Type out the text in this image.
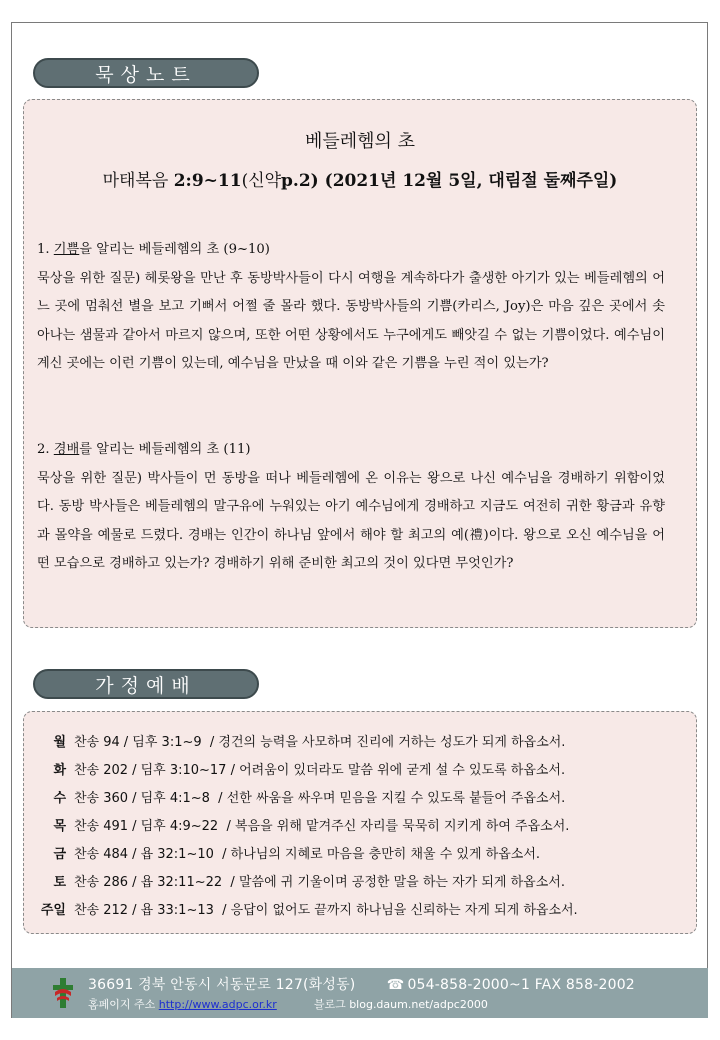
묵상노트
베들레헴의 초
마태복음 2:9~11(신약p.2) (2021년 12월 5일, 대림절 둘째주일)
1. 기쁨을 알리는 베들레헴의 초 (9~10)
묵상을 위한 질문) 헤롯왕을 만난 후 동방박사들이 다시 여행을 계속하다가 출생한 아기가 있는 베들레헴의 어느 곳에 멈춰선 별을 보고 기뻐서 어쩔 줄 몰라 했다. 동방박사들의 기쁨(카리스, Joy)은 마음 깊은 곳에서 솟아나는 샘물과 같아서 마르지 않으며, 또한 어떤 상황에서도 누구에게도 빼앗길 수 없는 기쁨이었다. 예수님이 계신 곳에는 이런 기쁨이 있는데, 예수님을 만났을 때 이와 같은 기쁨을 누린 적이 있는가?
2. 경배를 알리는 베들레헴의 초 (11)
묵상을 위한 질문) 박사들이 먼 동방을 떠나 베들레헴에 온 이유는 왕으로 나신 예수님을 경배하기 위함이었다. 동방 박사들은 베들레헴의 말구유에 누워있는 아기 예수님에게 경배하고 지금도 여전히 귀한 황금과 유향과 몰약을 예물로 드렸다. 경배는 인간이 하나님 앞에서 해야 할 최고의 예(禮)이다. 왕으로 오신 예수님을 어떤 모습으로 경배하고 있는가? 경배하기 위해 준비한 최고의 것이 있다면 무엇인가?
가정예배
월 찬송 94 / 딤후 3:1~9 / 경건의 능력을 사모하며 진리에 거하는 성도가 되게 하옵소서.
화 찬송 202 / 딤후 3:10~17 / 어려움이 있더라도 말씀 위에 굳게 설 수 있도록 하옵소서.
수 찬송 360 / 딤후 4:1~8 / 선한 싸움을 싸우며 믿음을 지킬 수 있도록 붙들어 주옵소서.
목 찬송 491 / 딤후 4:9~22 / 복음을 위해 맡겨주신 자리를 묵묵히 지키게 하여 주옵소서.
금 찬송 484 / 욥 32:1~10 / 하나님의 지혜로 마음을 충만히 채울 수 있게 하옵소서.
토 찬송 286 / 욥 32:11~22 / 말씀에 귀 기울이며 공정한 말을 하는 자가 되게 하옵소서.
주일 찬송 212 / 욥 33:1~13 / 응답이 없어도 끝까지 하나님을 신뢰하는 자게 되게 하옵소서.
36691 경북 안동시 서동문로 127(화성동) ☎ 054-858-2000~1 FAX 858-2002
홈페이지 주소 http://www.adpc.or.kr	블로그 blog.daum.net/adpc2000
